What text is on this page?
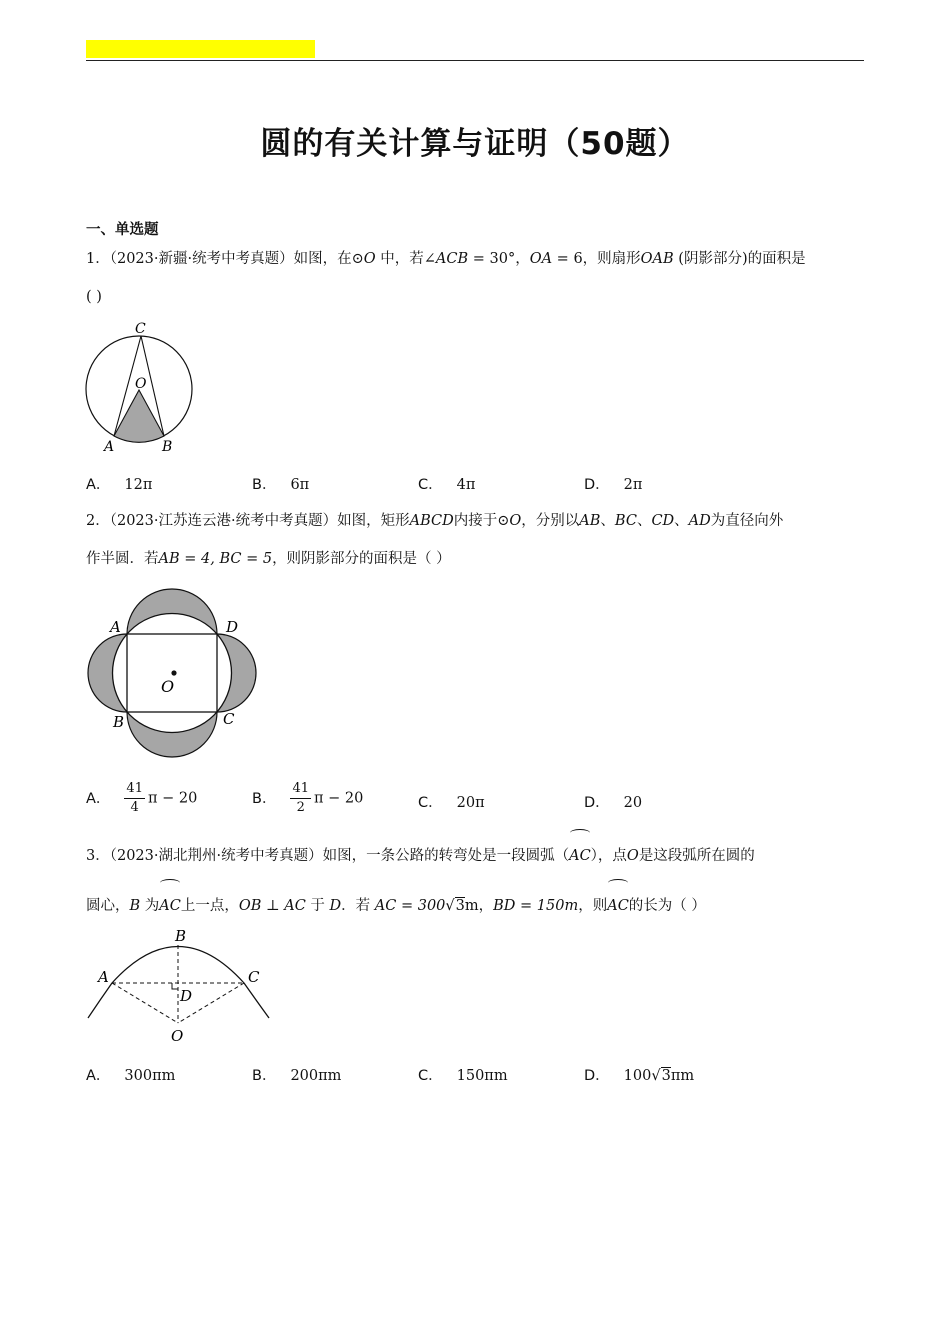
圆的有关计算与证明（50题）
一、单选题
1．（2023·新疆·统考中考真题）如图，在⊙O 中，若∠ACB = 30°，OA = 6，则扇形OAB (阴影部分)的面积是
( )
C
O
A	B
A． 12π	B． 6π	C． 4π	D． 2π
2．（2023·江苏连云港·统考中考真题）如图，矩形ABCD内接于⊙O，分别以AB、BC、CD、AD为直径向外
作半圆．若AB = 4, BC = 5，则阴影部分的面积是（ ）
A	D
B	C
O
A． $\frac{41}{4}$ π − 20	B． $\frac{41}{2}$ π − 20	C． 20π	D． 20
3．（2023·湖北荆州·统考中考真题）如图，一条公路的转弯处是一段圆弧（AC），点O是这段弧所在圆的
圆心，B 为AC上一点，OB ⊥ AC 于 D．若 AC = 300√3m，BD = 150m，则AC的长为（ ）
B
A	C
D
O
A． 300πm	B． 200πm	C． 150πm	D． 100√3πm
